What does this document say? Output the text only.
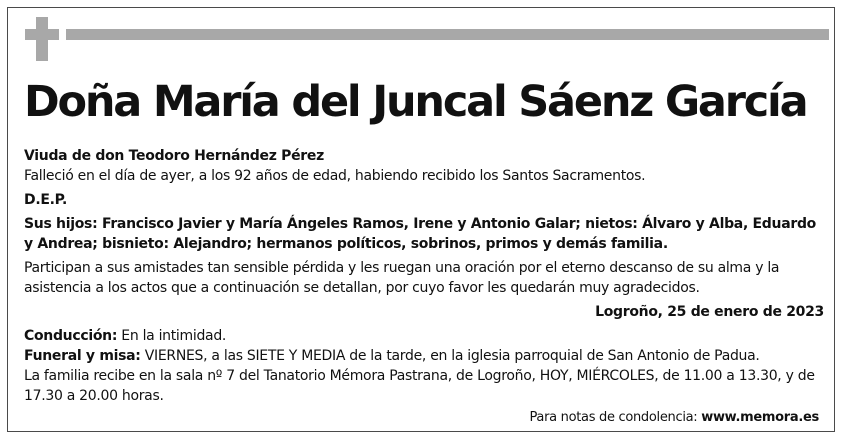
Doña María del Juncal Sáenz García

Viuda de don Teodoro Hernández Pérez

Falleció en el día de ayer, a los 92 años de edad, habiendo recibido los Santos Sacramentos.

D.E.P.

Sus hijos: Francisco Javier y María Ángeles Ramos, Irene y Antonio Galar; nietos: Álvaro y Alba, Eduardo y Andrea; bisnieto: Alejandro; hermanos políticos, sobrinos, primos y demás familia.

Participan a sus amistades tan sensible pérdida y les ruegan una oración por el eterno descanso de su alma y la asistencia a los actos que a continuación se detallan, por cuyo favor les quedarán muy agradecidos.

Logroño, 25 de enero de 2023

Conducción: En la intimidad.

Funeral y misa: VIERNES, a las SIETE Y MEDIA de la tarde, en la iglesia parroquial de San Antonio de Padua.

La familia recibe en la sala nº 7 del Tanatorio Mémora Pastrana, de Logroño, HOY, MIÉRCOLES, de 11.00 a 13.30, y de 17.30 a 20.00 horas.

Para notas de condolencia: www.memora.es
